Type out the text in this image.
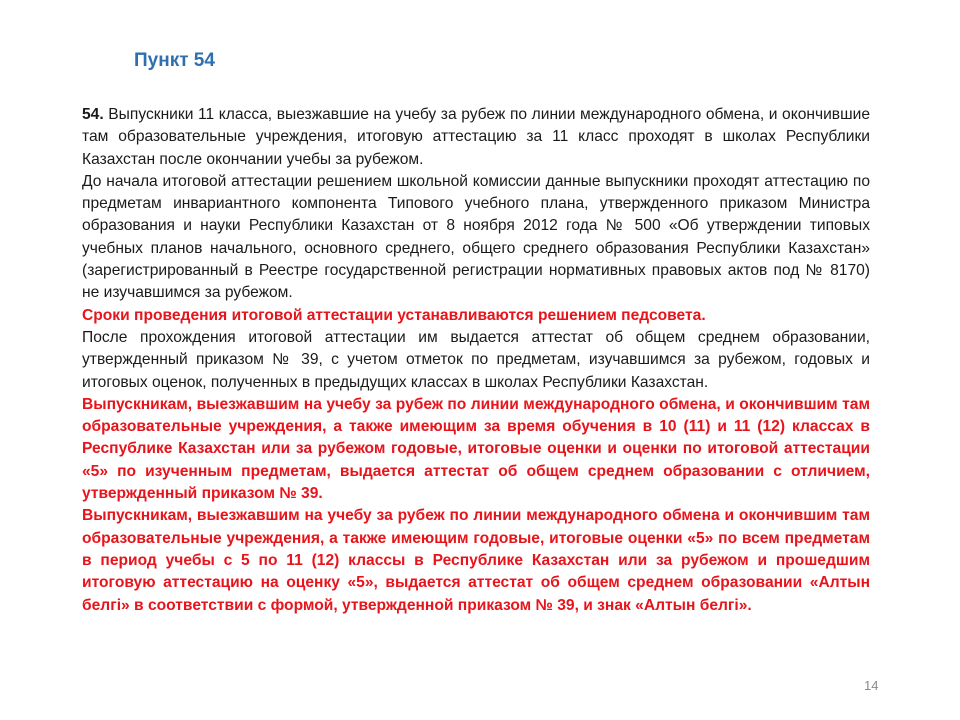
Пункт 54

54. Выпускники 11 класса, выезжавшие на учебу за рубеж по линии международного обмена, и окончившие там образовательные учреждения, итоговую аттестацию за 11 класс проходят в школах Республики Казахстан после окончании учебы за рубежом.

До начала итоговой аттестации решением школьной комиссии данные выпускники проходят аттестацию по предметам инвариантного компонента Типового учебного плана, утвержденного приказом Министра образования и науки Республики Казахстан от 8 ноября 2012 года № 500 «Об утверждении типовых учебных планов начального, основного среднего, общего среднего образования Республики Казахстан» (зарегистрированный в Реестре государственной регистрации нормативных правовых актов под № 8170) не изучавшимся за рубежом.

Сроки проведения итоговой аттестации устанавливаются решением педсовета.

После прохождения итоговой аттестации им выдается аттестат об общем среднем образовании, утвержденный приказом № 39, с учетом отметок по предметам, изучавшимся за рубежом, годовых и итоговых оценок, полученных в предыдущих классах в школах Республики Казахстан.

Выпускникам, выезжавшим на учебу за рубеж по линии международного обмена, и окончившим там образовательные учреждения, а также имеющим за время обучения в 10 (11) и 11 (12) классах в Республике Казахстан или за рубежом годовые, итоговые оценки и оценки по итоговой аттестации «5» по изученным предметам, выдается аттестат об общем среднем образовании с отличием, утвержденный приказом № 39.

Выпускникам, выезжавшим на учебу за рубеж по линии международного обмена и окончившим там образовательные учреждения, а также имеющим годовые, итоговые оценки «5» по всем предметам в период учебы с 5 по 11 (12) классы в Республике Казахстан или за рубежом и прошедшим итоговую аттестацию на оценку «5», выдается аттестат об общем среднем образовании «Алтын белгі» в соответствии с формой, утвержденной приказом № 39, и знак «Алтын белгі».

14
